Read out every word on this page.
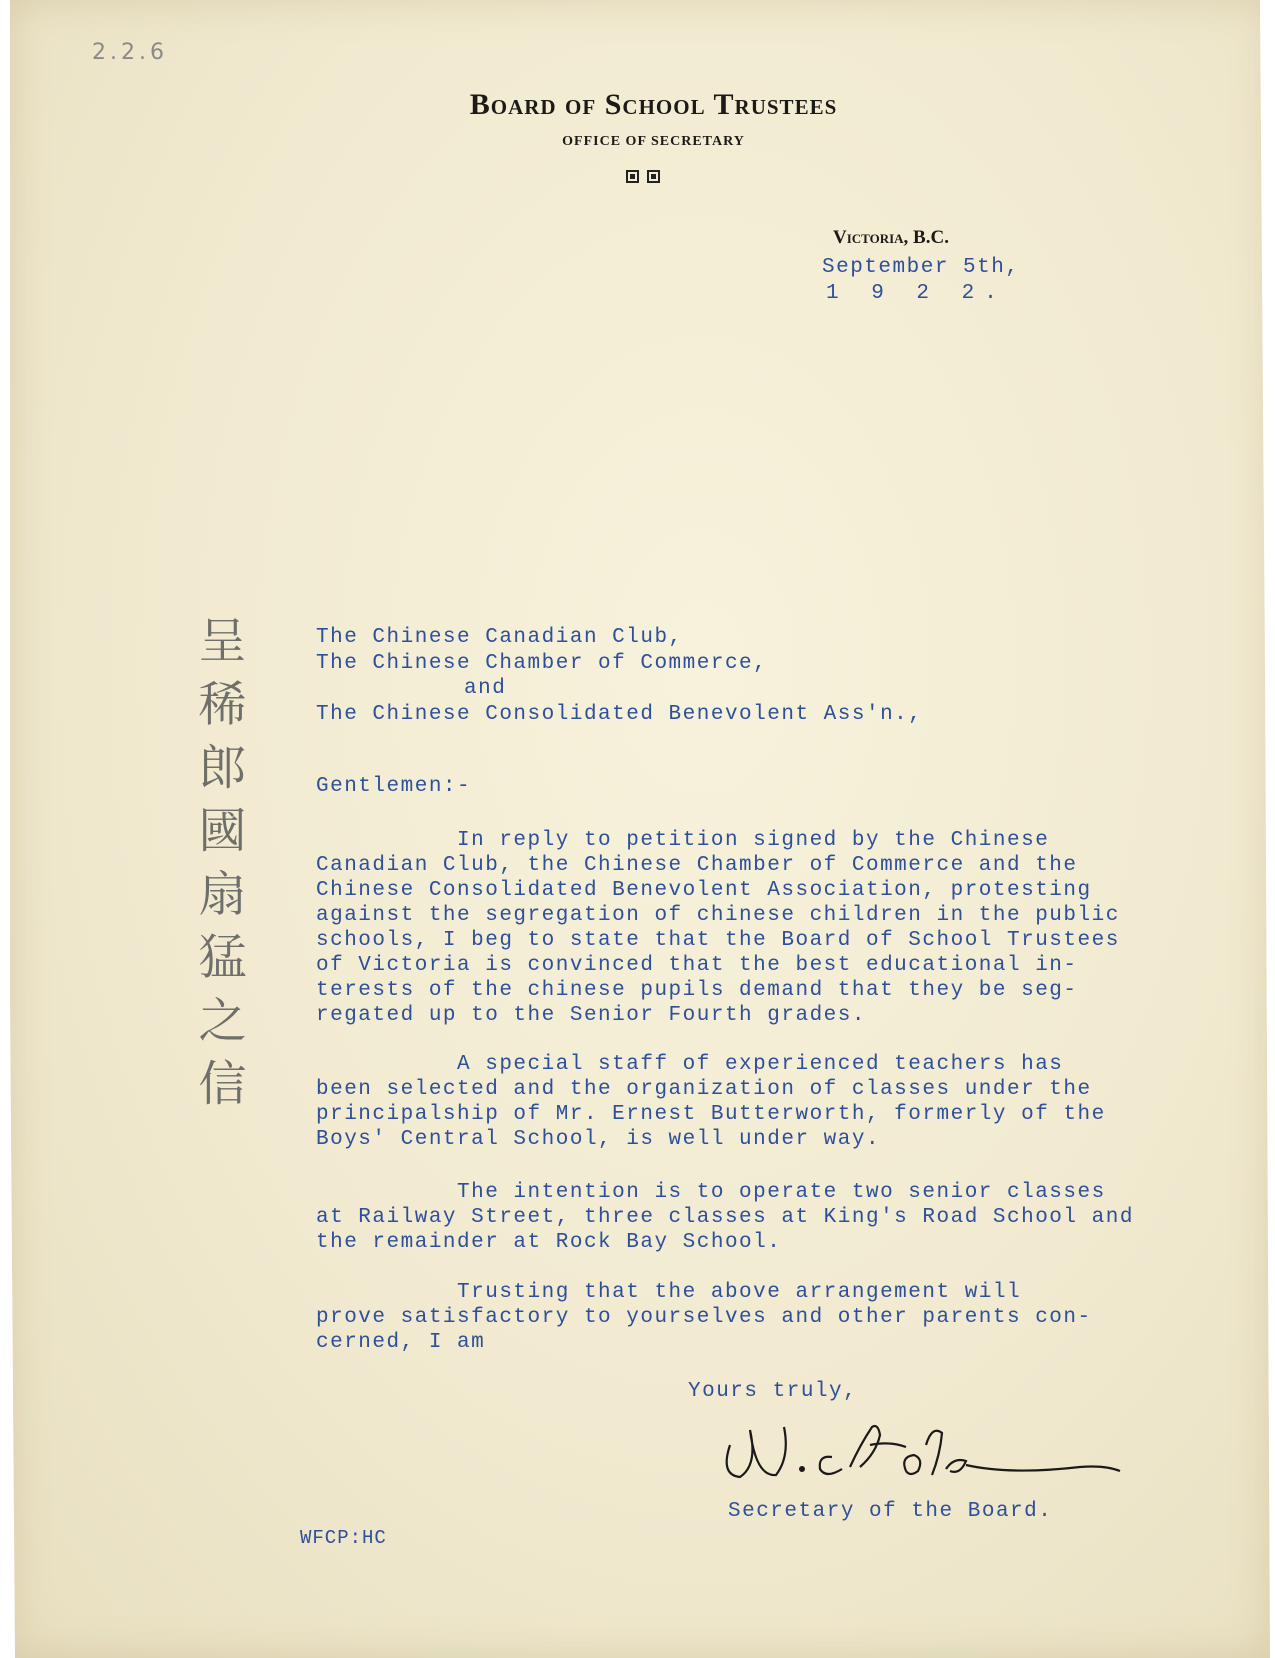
2.2.6
Board of School Trustees
OFFICE OF SECRETARY
Victoria, B.C.
September 5th,
1 9 2 2.
呈 稀 郎 國 扇 猛 之 信	The Chinese Canadian Club,
The Chinese Chamber of Commerce,
and
The Chinese Consolidated Benevolent Ass'n.,
Gentlemen:-
In reply to petition signed by the Chinese
Canadian Club, the Chinese Chamber of Commerce and the
Chinese Consolidated Benevolent Association, protesting
against the segregation of chinese children in the public
schools, I beg to state that the Board of School Trustees
of Victoria is convinced that the best educational in-
terests of the chinese pupils demand that they be seg-
regated up to the Senior Fourth grades.
A special staff of experienced teachers has
been selected and the organization of classes under the
principalship of Mr. Ernest Butterworth, formerly of the
Boys' Central School, is well under way.
The intention is to operate two senior classes
at Railway Street, three classes at King's Road School and
the remainder at Rock Bay School.
Trusting that the above arrangement will
prove satisfactory to yourselves and other parents con-
cerned, I am
Yours truly,
Secretary of the Board.
WFCP:HC
